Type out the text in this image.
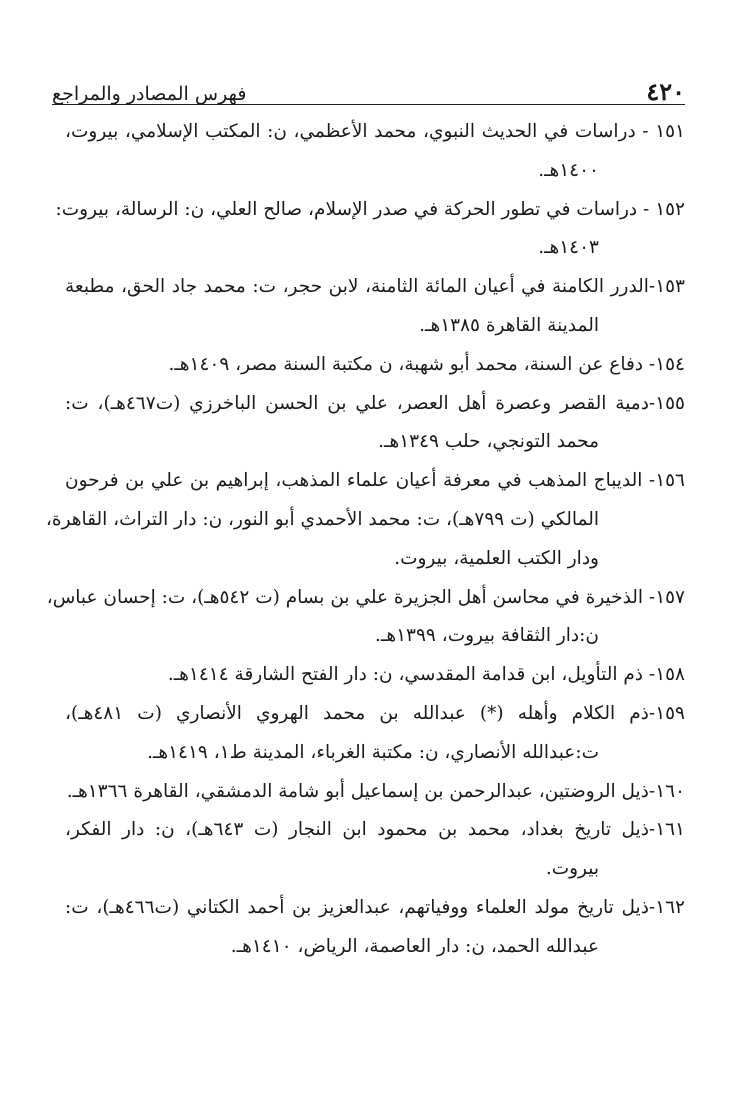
٤٢٠
فهرس المصادر والمراجع
١٥١ - دراسات في الحديث النبوي، محمد الأعظمي، ن: المكتب الإسلامي، بيروت،
١٤٠٠هـ.
١٥٢ - دراسات في تطور الحركة في صدر الإسلام، صالح العلي، ن: الرسالة، بيروت:
١٤٠٣هـ.
١٥٣-الدرر الكامنة في أعيان المائة الثامنة، لابن حجر، ت: محمد جاد الحق، مطبعة
المدينة القاهرة ١٣٨٥هـ.
١٥٤- دفاع عن السنة، محمد أبو شهبة، ن مكتبة السنة مصر، ١٤٠٩هـ.
١٥٥-دمية القصر وعصرة أهل العصر، علي بن الحسن الباخرزي (ت٤٦٧هـ)، ت:
محمد التونجي، حلب ١٣٤٩هـ.
١٥٦- الديباج المذهب في معرفة أعيان علماء المذهب، إبراهيم بن علي بن فرحون
المالكي (ت ٧٩٩هـ)، ت: محمد الأحمدي أبو النور، ن: دار التراث، القاهرة،
ودار الكتب العلمية، بيروت.
١٥٧- الذخيرة في محاسن أهل الجزيرة علي بن بسام (ت ٥٤٢هـ)، ت: إحسان عباس،
ن:دار الثقافة بيروت، ١٣٩٩هـ.
١٥٨- ذم التأويل، ابن قدامة المقدسي، ن: دار الفتح الشارقة ١٤١٤هـ.
١٥٩-ذم الكلام وأهله (*) عبدالله بن محمد الهروي الأنصاري (ت ٤٨١هـ)،
ت:عبدالله الأنصاري، ن: مكتبة الغرباء، المدينة ط١، ١٤١٩هـ.
١٦٠-ذيل الروضتين، عبدالرحمن بن إسماعيل أبو شامة الدمشقي، القاهرة ١٣٦٦هـ.
١٦١-ذيل تاريخ بغداد، محمد بن محمود ابن النجار (ت ٦٤٣هـ)، ن: دار الفكر،
بيروت.
١٦٢-ذيل تاريخ مولد العلماء ووفياتهم، عبدالعزيز بن أحمد الكتاني (ت٤٦٦هـ)، ت:
عبدالله الحمد، ن: دار العاصمة، الرياض، ١٤١٠هـ.
